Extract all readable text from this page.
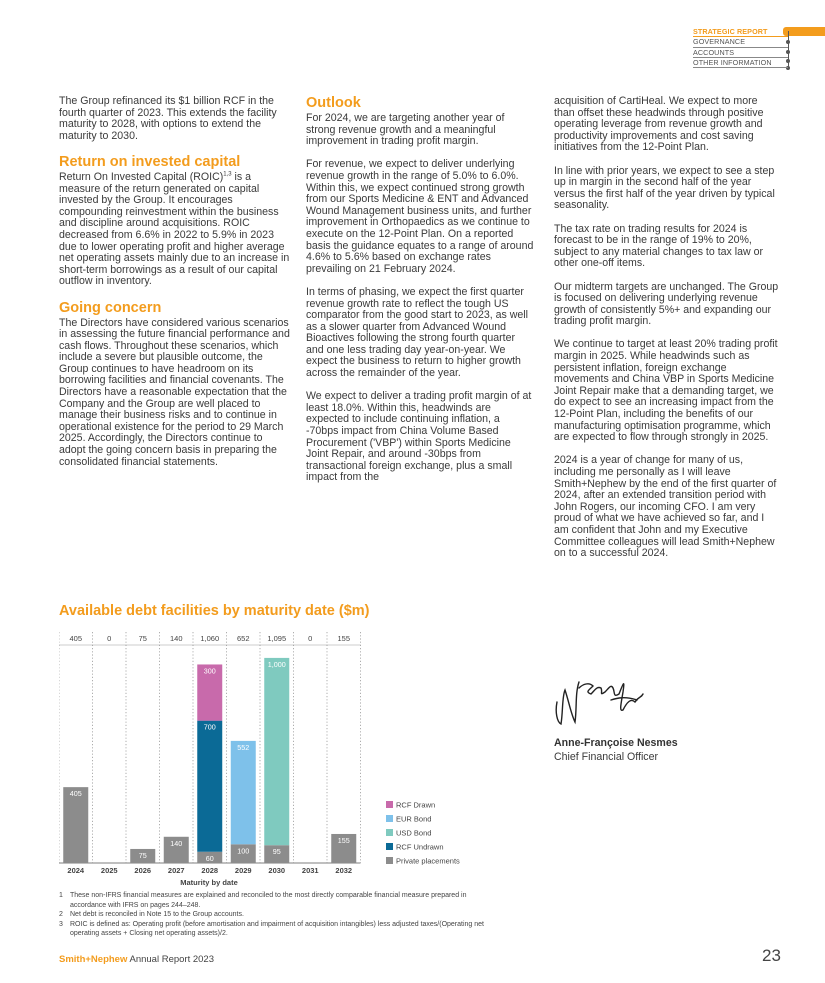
STRATEGIC REPORT
GOVERNANCE
ACCOUNTS
OTHER INFORMATION

The Group refinanced its $1 billion RCF in the fourth quarter of 2023. This extends the facility maturity to 2028, with options to extend the maturity to 2030.

Return on invested capital

Return On Invested Capital (ROIC)$^{1,3}$ is a measure of the return generated on capital invested by the Group. It encourages compounding reinvestment within the business and discipline around acquisitions. ROIC decreased from 6.6% in 2022 to 5.9% in 2023 due to lower operating profit and higher average net operating assets mainly due to an increase in short-term borrowings as a result of our capital outflow in inventory.

Going concern

The Directors have considered various scenarios in assessing the future financial performance and cash flows. Throughout these scenarios, which include a severe but plausible outcome, the Group continues to have headroom on its borrowing facilities and financial covenants. The Directors have a reasonable expectation that the Company and the Group are well placed to manage their business risks and to continue in operational existence for the period to 29 March 2025. Accordingly, the Directors continue to adopt the going concern basis in preparing the consolidated financial statements.

Outlook

For 2024, we are targeting another year of strong revenue growth and a meaningful improvement in trading profit margin.

For revenue, we expect to deliver underlying revenue growth in the range of 5.0% to 6.0%. Within this, we expect continued strong growth from our Sports Medicine & ENT and Advanced Wound Management business units, and further improvement in Orthopaedics as we continue to execute on the 12-Point Plan. On a reported basis the guidance equates to a range of around 4.6% to 5.6% based on exchange rates prevailing on 21 February 2024.

In terms of phasing, we expect the first quarter revenue growth rate to reflect the tough US comparator from the good start to 2023, as well as a slower quarter from Advanced Wound Bioactives following the strong fourth quarter and one less trading day year-on-year. We expect the business to return to higher growth across the remainder of the year.

We expect to deliver a trading profit margin of at least 18.0%. Within this, headwinds are expected to include continuing inflation, a -70bps impact from China Volume Based Procurement ('VBP') within Sports Medicine Joint Repair, and around -30bps from transactional foreign exchange, plus a small impact from the

acquisition of CartiHeal. We expect to more than offset these headwinds through positive operating leverage from revenue growth and productivity improvements and cost saving initiatives from the 12-Point Plan.

In line with prior years, we expect to see a step up in margin in the second half of the year versus the first half of the year driven by typical seasonality.

The tax rate on trading results for 2024 is forecast to be in the range of 19% to 20%, subject to any material changes to tax law or other one-off items.

Our midterm targets are unchanged. The Group is focused on delivering underlying revenue growth of consistently 5%+ and expanding our trading profit margin.

We continue to target at least 20% trading profit margin in 2025. While headwinds such as persistent inflation, foreign exchange movements and China VBP in Sports Medicine Joint Repair make that a demanding target, we do expect to see an increasing impact from the 12-Point Plan, including the benefits of our manufacturing optimisation programme, which are expected to flow through strongly in 2025.

2024 is a year of change for many of us, including me personally as I will leave Smith+Nephew by the end of the first quarter of 2024, after an extended transition period with John Rogers, our incoming CFO. I am very proud of what we have achieved so far, and I am confident that John and my Executive Committee colleagues will lead Smith+Nephew on to a successful 2024.

Anne-Françoise Nesmes
Chief Financial Officer
Available debt facilities by maturity date ($m)
405
2024
405
0
2025
75
2026
75
140
2027
140
1,060
2028
60
700
300
652
2029
100
552
1,095
2030
95
1,000
0
2031
155
2032
155
Maturity by date
RCF Drawn
EUR Bond
USD Bond
RCF Undrawn
Private placements
1 These non-IFRS financial measures are explained and reconciled to the most directly comparable financial measure prepared in accordance with IFRS on pages 244–248.
2 Net debt is reconciled in Note 15 to the Group accounts.
3 ROIC is defined as: Operating profit (before amortisation and impairment of acquisition intangibles) less adjusted taxes/(Operating net operating assets + Closing net operating assets)/2.
Smith+Nephew Annual Report 2023	23
